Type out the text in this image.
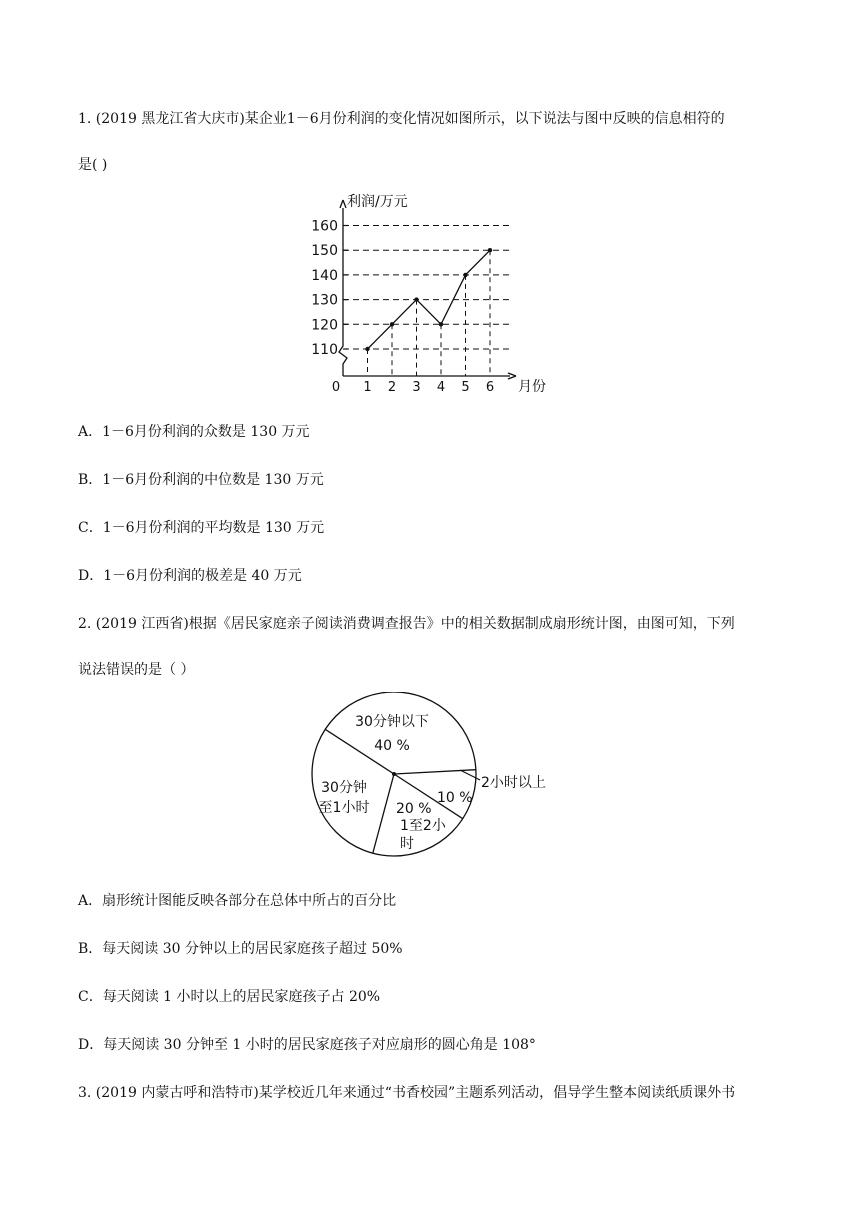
1. (2019 黑龙江省大庆市)某企业1－6月份利润的变化情况如图所示，以下说法与图中反映的信息相符的
是( )
利润/万元
月份
0
110
120
130
140
150
160
1 2 3 4 5 6
A．1－6月份利润的众数是 130 万元
B．1－6月份利润的中位数是 130 万元
C．1－6月份利润的平均数是 130 万元
D．1－6月份利润的极差是 40 万元
2. (2019 江西省)根据《居民家庭亲子阅读消费调查报告》中的相关数据制成扇形统计图，由图可知，下列
说法错误的是（ ）
30分钟以下
40 %
2小时以上
10 %
20 %
1至2小
时
30分钟
至1小时
A．扇形统计图能反映各部分在总体中所占的百分比
B．每天阅读 30 分钟以上的居民家庭孩子超过 50%
C．每天阅读 1 小时以上的居民家庭孩子占 20%
D．每天阅读 30 分钟至 1 小时的居民家庭孩子对应扇形的圆心角是 108°
3. (2019 内蒙古呼和浩特市)某学校近几年来通过“书香校园”主题系列活动，倡导学生整本阅读纸质课外书
